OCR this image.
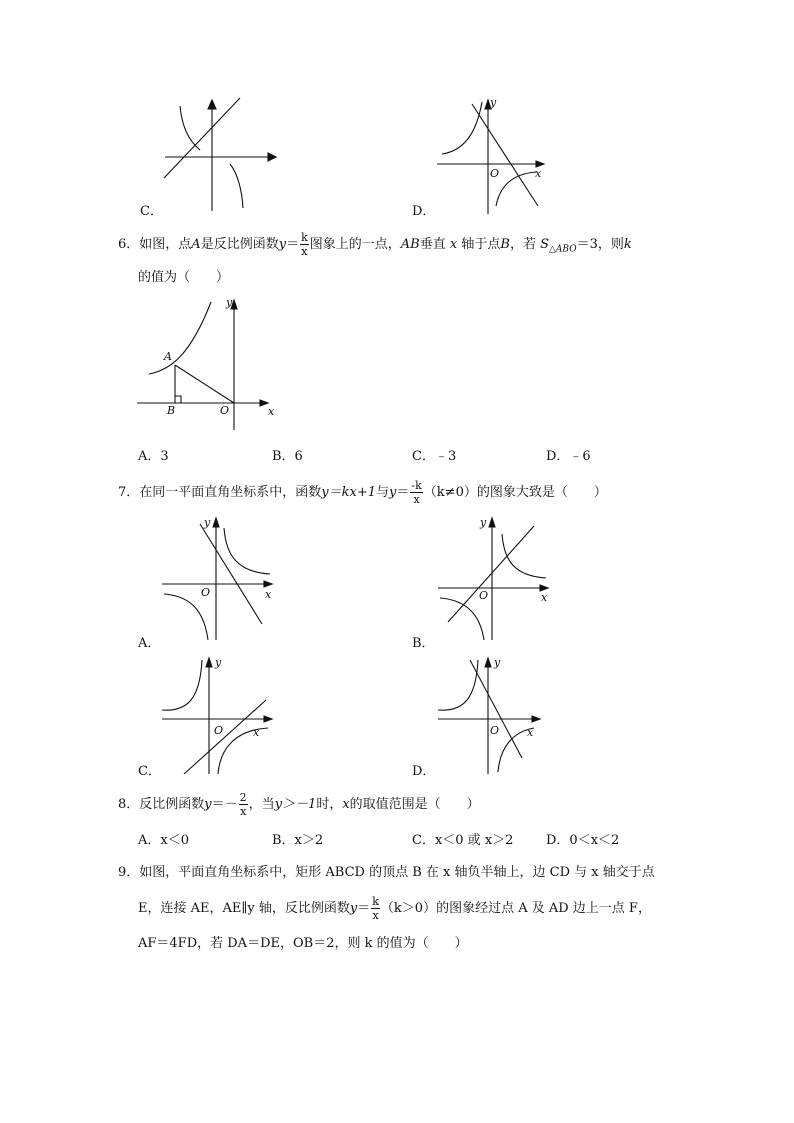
C．
y
x
O
D．
6．如图，点A是反比例函数$y= \frac{k}{x}$ 图象上的一点，AB垂直 x 轴于点B，若 $S_{\triangle ABO}=3$，则k
的值为（　　）
y
x
A
B	O
A．3	B．6	C．﹣3	D．﹣6
7．在同一平面直角坐标系中，函数y＝kx+1与$y= \frac{-k}{x} (k\ne 0)$的图象大致是（　　）
y
x
O
A．
y
x
O
B．
y
x
O
C．
y
x
O
D．
8．反比例函数$y=- \frac{2}{x}$ ，当y＞－1时，x的取值范围是（　　）
A．x＜0	B．x＞2	C．x＜0 或 x＞2	D．0＜x＜2
9．如图，平面直角坐标系中，矩形 ABCD 的顶点 B 在 x 轴负半轴上，边 CD 与 x 轴交于点
E，连接 AE，AE∥y 轴，反比例函数$y= \frac{k}{x} (k>0)$的图象经过点 A 及 AD 边上一点 F，
AF＝4FD，若 DA＝DE，OB＝2，则 k 的值为（　　）
